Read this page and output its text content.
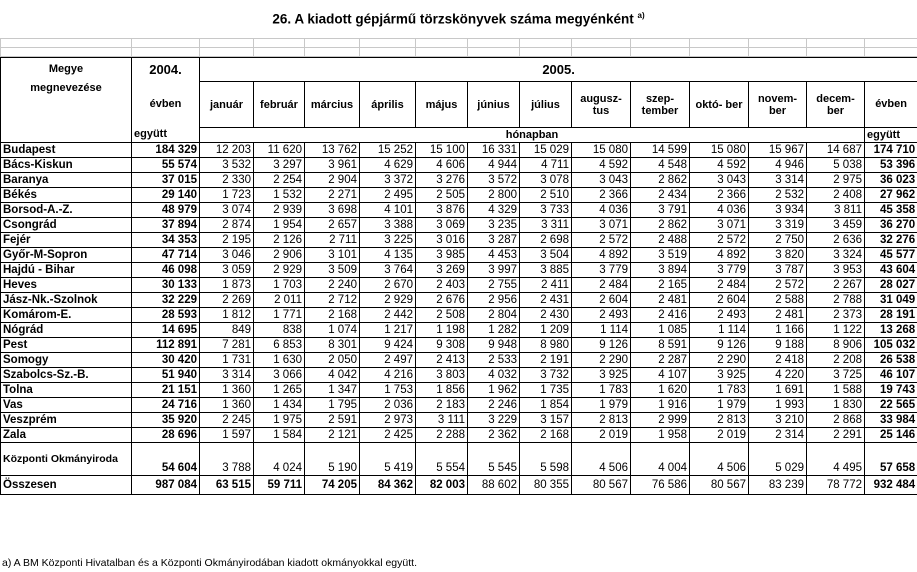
26. A kiadott gépjármű törzskönyvek száma megyénként $^{a)}$

Megye	2004.	2005.												
megnevezése	évben	január	február	március	április	május	június	július	augusz- tus	szep- tember	októ- ber	novem- ber	decem- ber	évben
	együtt	hónapban												együtt
Budapest	184 329	12 203	11 620	13 762	15 252	15 100	16 331	15 029	15 080	14 599	15 080	15 967	14 687	174 710
Bács-Kiskun	55 574	3 532	3 297	3 961	4 629	4 606	4 944	4 711	4 592	4 548	4 592	4 946	5 038	53 396
Baranya	37 015	2 330	2 254	2 904	3 372	3 276	3 572	3 078	3 043	2 862	3 043	3 314	2 975	36 023
Békés	29 140	1 723	1 532	2 271	2 495	2 505	2 800	2 510	2 366	2 434	2 366	2 532	2 408	27 962
Borsod-A.-Z.	48 979	3 074	2 939	3 698	4 101	3 876	4 329	3 733	4 036	3 791	4 036	3 934	3 811	45 358
Csongrád	37 894	2 874	1 954	2 657	3 388	3 069	3 235	3 311	3 071	2 862	3 071	3 319	3 459	36 270
Fejér	34 353	2 195	2 126	2 711	3 225	3 016	3 287	2 698	2 572	2 488	2 572	2 750	2 636	32 276
Győr-M-Sopron	47 714	3 046	2 906	3 101	4 135	3 985	4 453	3 504	4 892	3 519	4 892	3 820	3 324	45 577
Hajdú - Bihar	46 098	3 059	2 929	3 509	3 764	3 269	3 997	3 885	3 779	3 894	3 779	3 787	3 953	43 604
Heves	30 133	1 873	1 703	2 240	2 670	2 403	2 755	2 411	2 484	2 165	2 484	2 572	2 267	28 027
Jász-Nk.-Szolnok	32 229	2 269	2 011	2 712	2 929	2 676	2 956	2 431	2 604	2 481	2 604	2 588	2 788	31 049
Komárom-E.	28 593	1 812	1 771	2 168	2 442	2 508	2 804	2 430	2 493	2 416	2 493	2 481	2 373	28 191
Nógrád	14 695	849	838	1 074	1 217	1 198	1 282	1 209	1 114	1 085	1 114	1 166	1 122	13 268
Pest	112 891	7 281	6 853	8 301	9 424	9 308	9 948	8 980	9 126	8 591	9 126	9 188	8 906	105 032
Somogy	30 420	1 731	1 630	2 050	2 497	2 413	2 533	2 191	2 290	2 287	2 290	2 418	2 208	26 538
Szabolcs-Sz.-B.	51 940	3 314	3 066	4 042	4 216	3 803	4 032	3 732	3 925	4 107	3 925	4 220	3 725	46 107
Tolna	21 151	1 360	1 265	1 347	1 753	1 856	1 962	1 735	1 783	1 620	1 783	1 691	1 588	19 743
Vas	24 716	1 360	1 434	1 795	2 036	2 183	2 246	1 854	1 979	1 916	1 979	1 993	1 830	22 565
Veszprém	35 920	2 245	1 975	2 591	2 973	3 111	3 229	3 157	2 813	2 999	2 813	3 210	2 868	33 984
Zala	28 696	1 597	1 584	2 121	2 425	2 288	2 362	2 168	2 019	1 958	2 019	2 314	2 291	25 146
Központi Okmányiroda	54 604	3 788	4 024	5 190	5 419	5 554	5 545	5 598	4 506	4 004	4 506	5 029	4 495	57 658
Összesen	987 084	63 515	59 711	74 205	84 362	82 003	88 602	80 355	80 567	76 586	80 567	83 239	78 772	932 484
a) A BM Központi Hivatalban és a Központi Okmányirodában kiadott okmányokkal együtt.
